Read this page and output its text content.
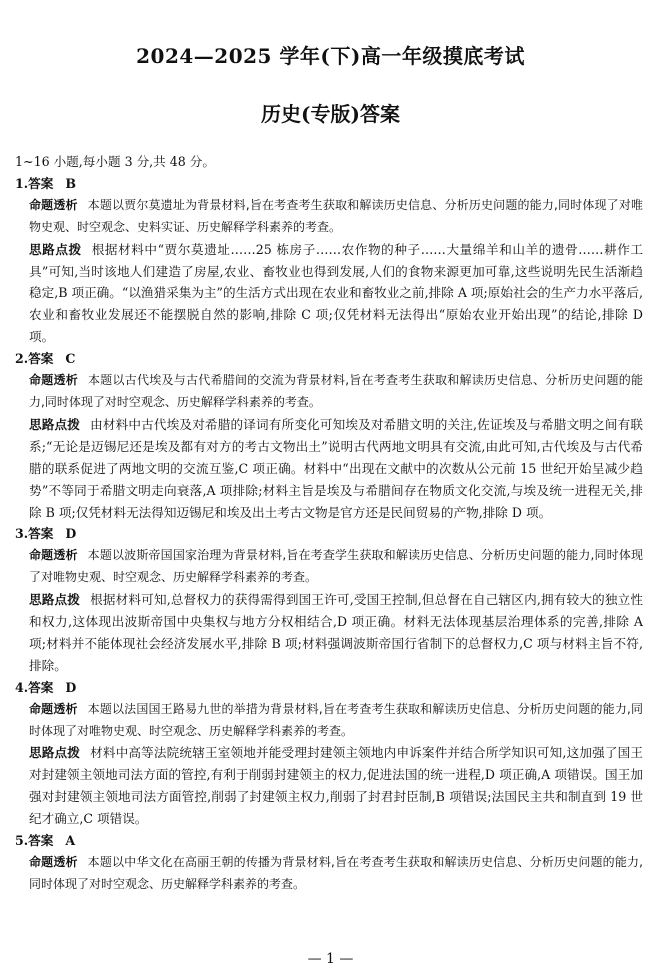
2024—2025 学年(下)高一年级摸底考试
历史(专版)答案

1~16 小题,每小题 3 分,共 48 分。

1.答案 B

命题透析 本题以贾尔莫遗址为背景材料,旨在考查考生获取和解读历史信息、分析历史问题的能力,同时体现了对唯物史观、时空观念、史料实证、历史解释学科素养的考查。

思路点拨 根据材料中“贾尔莫遗址……25 栋房子……农作物的种子……大量绵羊和山羊的遗骨……耕作工具”可知,当时该地人们建造了房屋,农业、畜牧业也得到发展,人们的食物来源更加可靠,这些说明先民生活渐趋稳定,B 项正确。“以渔猎采集为主”的生活方式出现在农业和畜牧业之前,排除 A 项;原始社会的生产力水平落后,农业和畜牧业发展还不能摆脱自然的影响,排除 C 项;仅凭材料无法得出“原始农业开始出现”的结论,排除 D 项。

2.答案 C

命题透析 本题以古代埃及与古代希腊间的交流为背景材料,旨在考查考生获取和解读历史信息、分析历史问题的能力,同时体现了对时空观念、历史解释学科素养的考查。

思路点拨 由材料中古代埃及对希腊的译词有所变化可知埃及对希腊文明的关注,佐证埃及与希腊文明之间有联系;“无论是迈锡尼还是埃及都有对方的考古文物出土”说明古代两地文明具有交流,由此可知,古代埃及与古代希腊的联系促进了两地文明的交流互鉴,C 项正确。材料中“出现在文献中的次数从公元前 15 世纪开始呈减少趋势”不等同于希腊文明走向衰落,A 项排除;材料主旨是埃及与希腊间存在物质文化交流,与埃及统一进程无关,排除 B 项;仅凭材料无法得知迈锡尼和埃及出土考古文物是官方还是民间贸易的产物,排除 D 项。

3.答案 D

命题透析 本题以波斯帝国国家治理为背景材料,旨在考查学生获取和解读历史信息、分析历史问题的能力,同时体现了对唯物史观、时空观念、历史解释学科素养的考查。

思路点拨 根据材料可知,总督权力的获得需得到国王许可,受国王控制,但总督在自己辖区内,拥有较大的独立性和权力,这体现出波斯帝国中央集权与地方分权相结合,D 项正确。材料无法体现基层治理体系的完善,排除 A 项;材料并不能体现社会经济发展水平,排除 B 项;材料强调波斯帝国行省制下的总督权力,C 项与材料主旨不符,排除。

4.答案 D

命题透析 本题以法国国王路易九世的举措为背景材料,旨在考查考生获取和解读历史信息、分析历史问题的能力,同时体现了对唯物史观、时空观念、历史解释学科素养的考查。

思路点拨 材料中高等法院统辖王室领地并能受理封建领主领地内申诉案件并结合所学知识可知,这加强了国王对封建领主领地司法方面的管控,有利于削弱封建领主的权力,促进法国的统一进程,D 项正确,A 项错误。国王加强对封建领主领地司法方面管控,削弱了封建领主权力,削弱了封君封臣制,B 项错误;法国民主共和制直到 19 世纪才确立,C 项错误。

5.答案 A

命题透析 本题以中华文化在高丽王朝的传播为背景材料,旨在考查考生获取和解读历史信息、分析历史问题的能力,同时体现了对时空观念、历史解释学科素养的考查。

— 1 —
